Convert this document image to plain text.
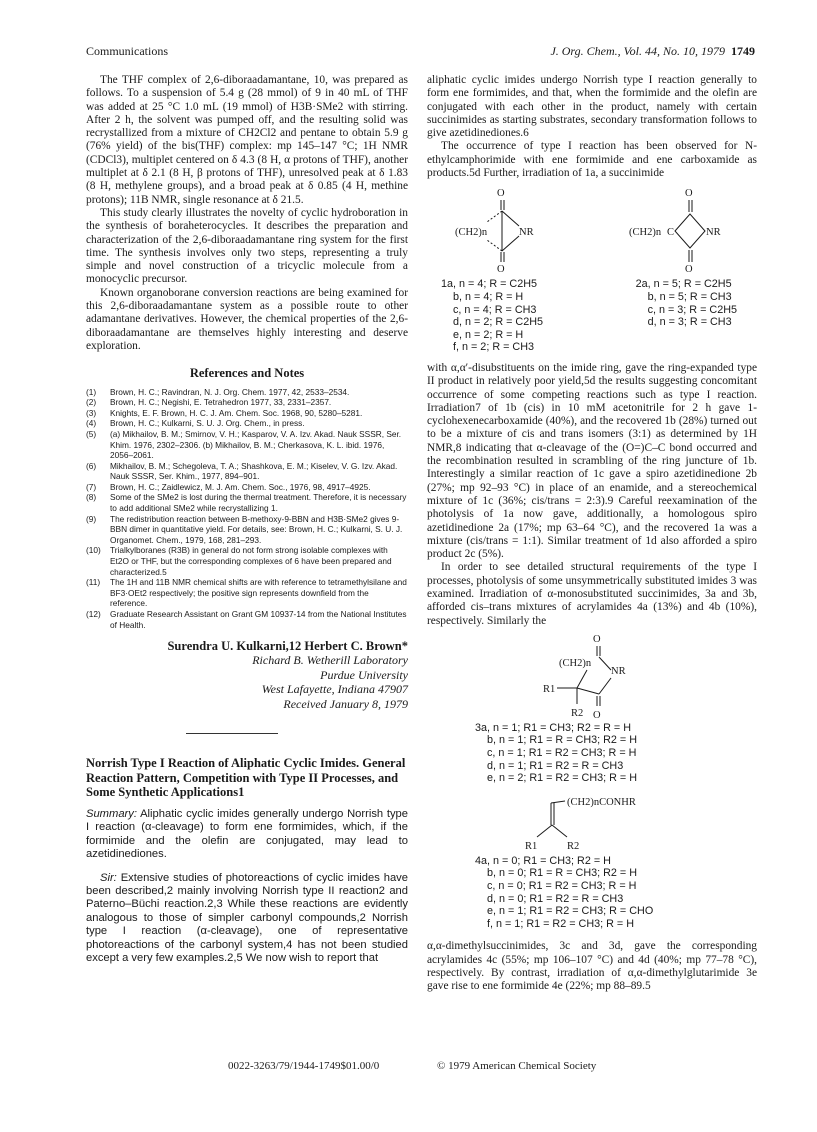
Communications	J. Org. Chem., Vol. 44, No. 10, 1979 1749

The THF complex of 2,6-diboraadamantane, 10, was prepared as follows. To a suspension of 5.4 g (28 mmol) of 9 in 40 mL of THF was added at 25 °C 1.0 mL (19 mmol) of H3B·SMe2 with stirring. After 2 h, the solvent was pumped off, and the resulting solid was recrystallized from a mixture of CH2Cl2 and pentane to obtain 5.9 g (76% yield) of the bis(THF) complex: mp 145–147 °C; 1H NMR (CDCl3), multiplet centered on δ 4.3 (8 H, α protons of THF), another multiplet at δ 2.1 (8 H, β protons of THF), unresolved peak at δ 1.83 (8 H, methylene groups), and a broad peak at δ 0.85 (4 H, methine protons); 11B NMR, single resonance at δ 21.5.

This study clearly illustrates the novelty of cyclic hydroboration in the synthesis of boraheterocycles. It describes the preparation and characterization of the 2,6-diboraadamantane ring system for the first time. The synthesis involves only two steps, representing a truly simple and novel construction of a tricyclic molecule from a monocyclic precursor.

Known organoborane conversion reactions are being examined for this 2,6-diboraadamantane system as a possible route to other adamantane derivatives. However, the chemical properties of the 2,6-diboraadamantane are themselves highly interesting and deserve exploration.

References and Notes
(1) Brown, H. C.; Ravindran, N. J. Org. Chem. 1977, 42, 2533–2534.
(2) Brown, H. C.; Negishi, E. Tetrahedron 1977, 33, 2331–2357.
(3) Knights, E. F. Brown, H. C. J. Am. Chem. Soc. 1968, 90, 5280–5281.
(4) Brown, H. C.; Kulkarni, S. U. J. Org. Chem., in press.
(5) (a) Mikhailov, B. M.; Smirnov, V. H.; Kasparov, V. A. Izv. Akad. Nauk SSSR, Ser. Khim. 1976, 2302–2306. (b) Mikhailov, B. M.; Cherkasova, K. L. ibid. 1976, 2056–2061.
(6) Mikhailov, B. M.; Schegoleva, T. A.; Shashkova, E. M.; Kiselev, V. G. Izv. Akad. Nauk SSSR, Ser. Khim., 1977, 894–901.
(7) Brown, H. C.; Zaidlewicz, M. J. Am. Chem. Soc., 1976, 98, 4917–4925.
(8) Some of the SMe2 is lost during the thermal treatment. Therefore, it is necessary to add additional SMe2 while recrystallizing 1.
(9) The redistribution reaction between B-methoxy-9-BBN and H3B·SMe2 gives 9-BBN dimer in quantitative yield. For details, see: Brown, H. C.; Kulkarni, S. U. J. Organomet. Chem., 1979, 168, 281–293.
(10) Trialkylboranes (R3B) in general do not form strong isolable complexes with Et2O or THF, but the corresponding complexes of 6 have been prepared and characterized.5
(11) The 1H and 11B NMR chemical shifts are with reference to tetramethylsilane and BF3·OEt2 respectively; the positive sign represents downfield from the reference.
(12) Graduate Research Assistant on Grant GM 10937-14 from the National Institutes of Health.
Surendra U. Kulkarni,12 Herbert C. Brown*
Richard B. Wetherill Laboratory
Purdue University
West Lafayette, Indiana 47907
Received January 8, 1979
Norrish Type I Reaction of Aliphatic Cyclic Imides. General Reaction Pattern, Competition with Type II Processes, and Some Synthetic Applications1

Summary: Aliphatic cyclic imides generally undergo Norrish type I reaction (α-cleavage) to form ene formimides, which, if the formimide and the olefin are conjugated, may lead to azetidinediones.

Sir: Extensive studies of photoreactions of cyclic imides have been described,2 mainly involving Norrish type II reaction2 and Paterno–Büchi reaction.2,3 While these reactions are evidently analogous to those of simpler carbonyl compounds,2 Norrish type I reaction (α-cleavage), one of representative photoreactions of the carbonyl system,4 has not been studied except a very few examples.2,5 We now wish to report that

aliphatic cyclic imides undergo Norrish type I reaction generally to form ene formimides, and that, when the formimide and the olefin are conjugated with each other in the product, namely with certain succinimides as starting substrates, secondary transformation follows to give azetidinediones.6

The occurrence of type I reaction has been observed for N-ethylcamphorimide with ene formimide and ene carboxamide as products.5d Further, irradiation of 1a, a succinimide

O
(CH2)n	NR
O
O
(CH2)n C	NR
O
1a, n = 4; R = C2H5
b, n = 4; R = H
c, n = 4; R = CH3
d, n = 2; R = C2H5
e, n = 2; R = H
f, n = 2; R = CH3
2a, n = 5; R = C2H5
b, n = 5; R = CH3
c, n = 3; R = C2H5
d, n = 3; R = CH3

with α,α′-disubstituents on the imide ring, gave the ring-expanded type II product in relatively poor yield,5d the results suggesting concomitant occurrence of some competing reactions such as type I reaction. Irradiation7 of 1b (cis) in 10 mM acetonitrile for 2 h gave 1-cyclohexenecarboxamide (40%), and the recovered 1b (28%) turned out to be a mixture of cis and trans isomers (3:1) as determined by 1H NMR,8 indicating that α-cleavage of the (O=)C–C bond occurred and the recombination resulted in scrambling of the ring juncture of 1b. Interestingly a similar reaction of 1c gave a spiro azetidinedione 2b (27%; mp 92–93 °C) in place of an enamide, and a stereochemical mixture of 1c (36%; cis/trans = 2:3).9 Careful reexamination of the photolysis of 1a now gave, additionally, a homologous spiro azetidinedione 2a (17%; mp 63–64 °C), and the recovered 1a was a mixture (cis/trans = 1:1). Similar treatment of 1d also afforded a spiro product 2c (5%).

In order to see detailed structural requirements of the type I processes, photolysis of some unsymmetrically substituted imides 3 was examined. Irradiation of α-monosubstituted succinimides, 3a and 3b, afforded cis–trans mixtures of acrylamides 4a (13%) and 4b (10%), respectively. Similarly the

O
(CH2)n
NR
R1
R2 O
3a, n = 1; R1 = CH3; R2 = R = H
b, n = 1; R1 = R = CH3; R2 = H
c, n = 1; R1 = R2 = CH3; R = H
d, n = 1; R1 = R2 = R = CH3
e, n = 2; R1 = R2 = CH3; R = H
(CH2)nCONHR
R1	R2
4a, n = 0; R1 = CH3; R2 = H
b, n = 0; R1 = R = CH3; R2 = H
c, n = 0; R1 = R2 = CH3; R = H
d, n = 0; R1 = R2 = R = CH3
e, n = 1; R1 = R2 = CH3; R = CHO
f, n = 1; R1 = R2 = CH3; R = H

α,α-dimethylsuccinimides, 3c and 3d, gave the corresponding acrylamides 4c (55%; mp 106–107 °C) and 4d (40%; mp 77–78 °C), respectively. By contrast, irradiation of α,α-dimethylglutarimide 3e gave rise to ene formimide 4e (22%; mp 88–89.5

0022-3263/79/1944-1749$01.00/0	© 1979 American Chemical Society
